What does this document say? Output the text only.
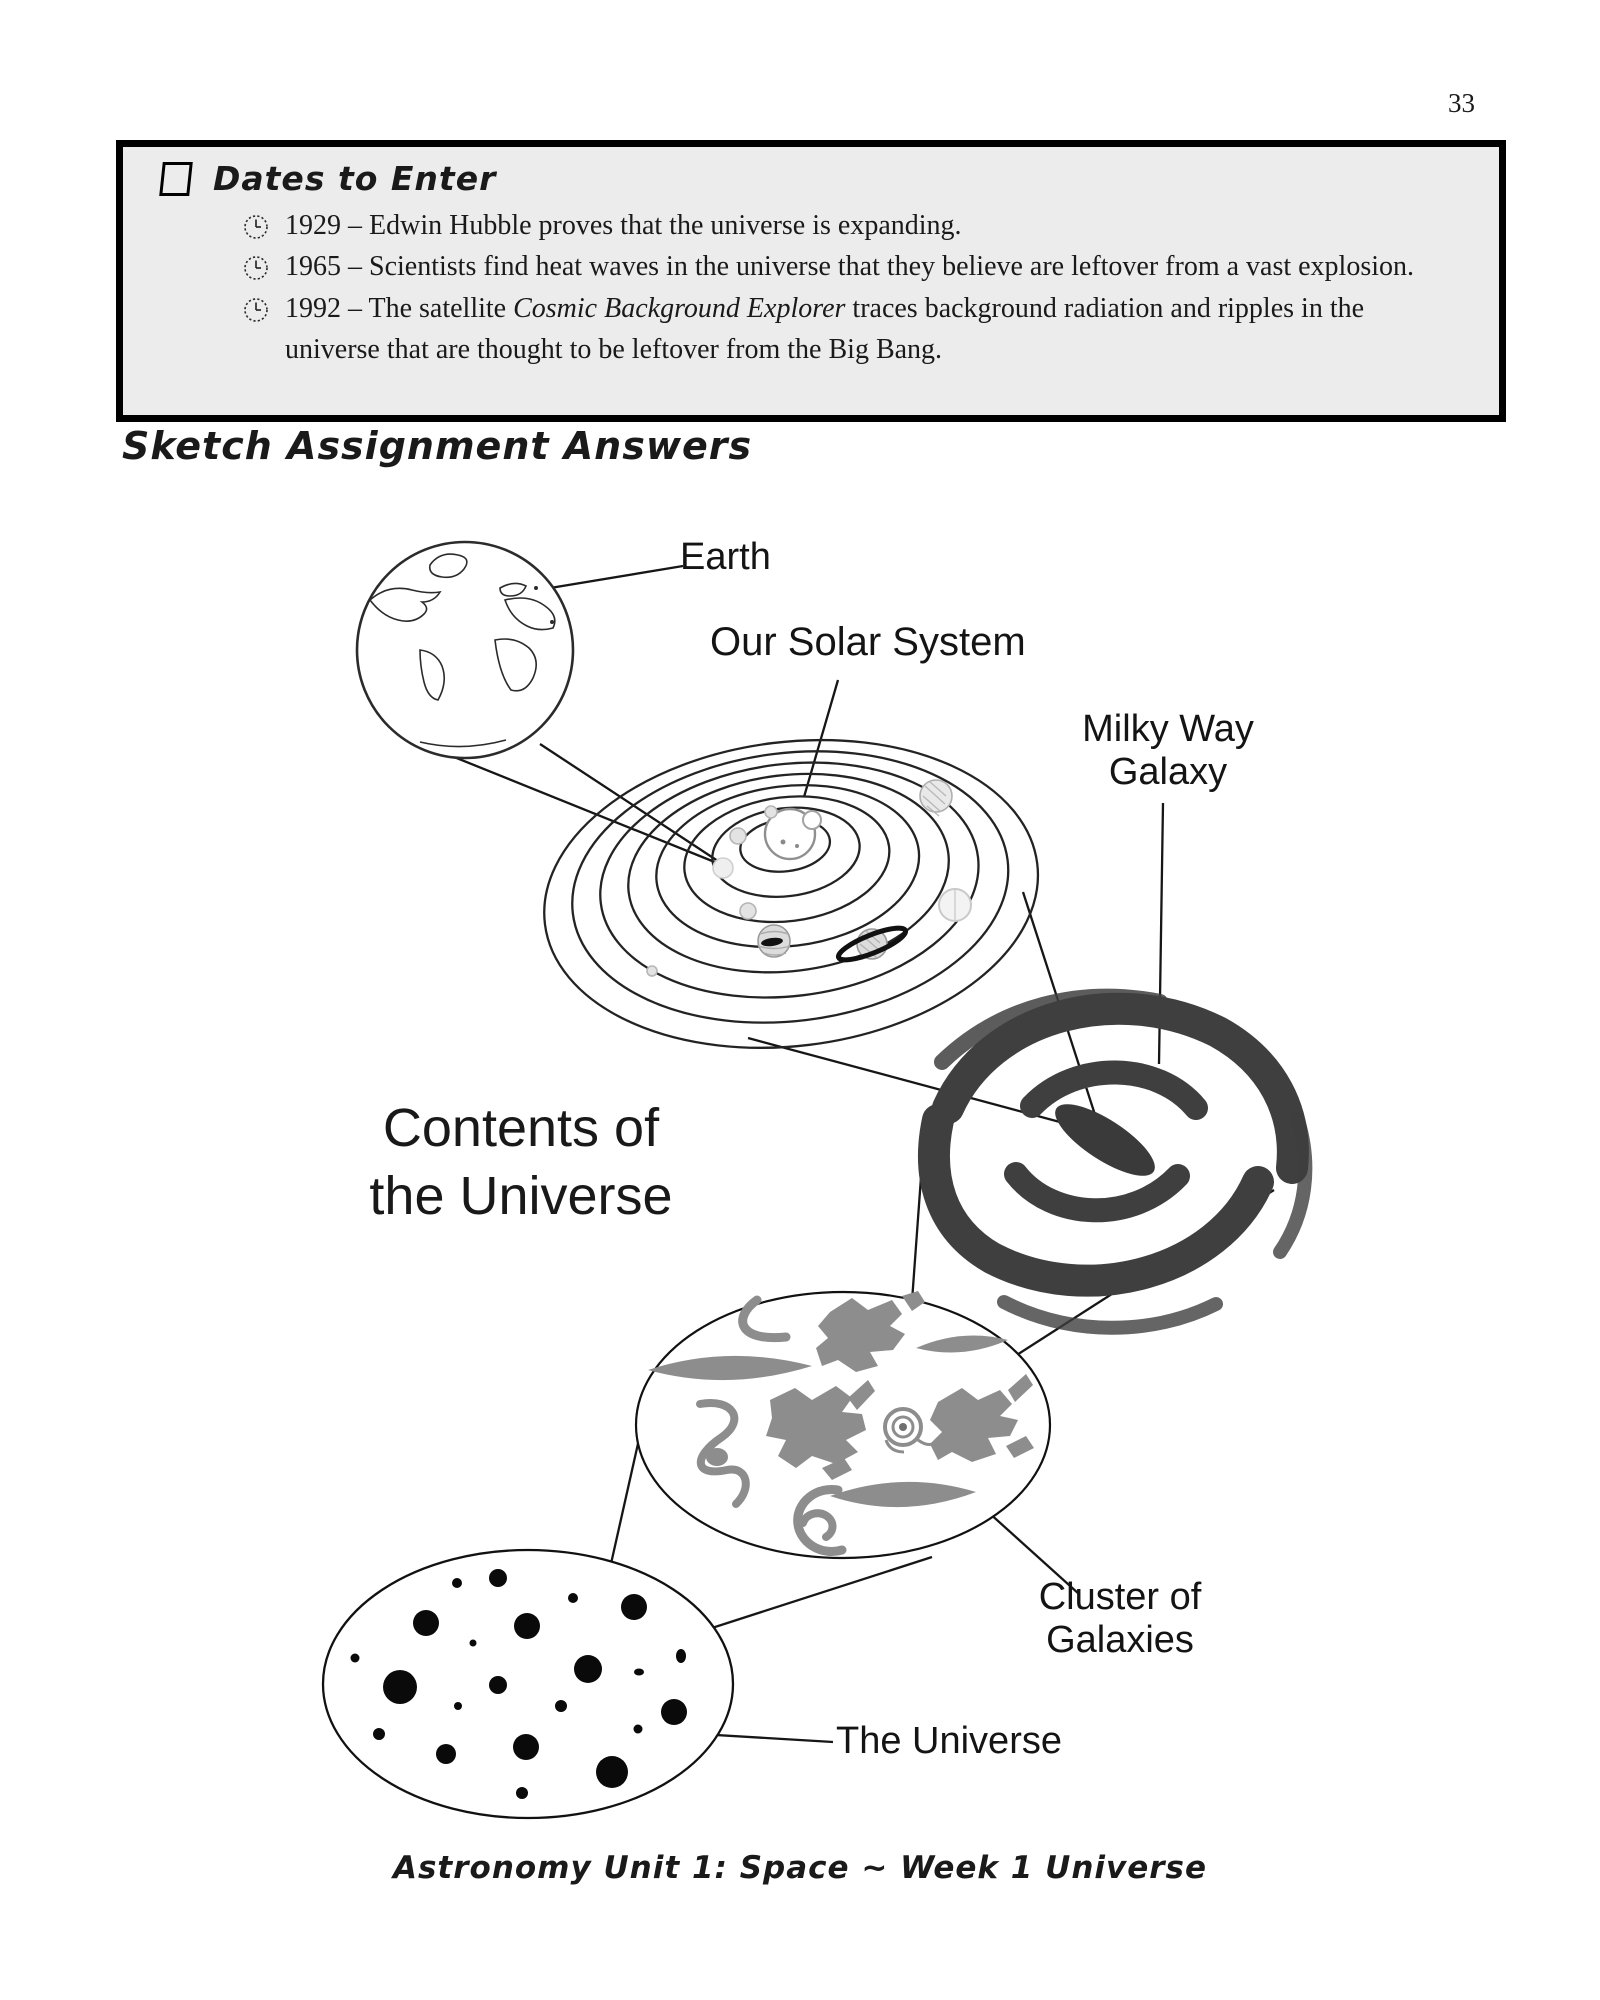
33
Dates to Enter
1929 – Edwin Hubble proves that the universe is expanding.
1965 – Scientists find heat waves in the universe that they believe are leftover from a vast explosion.
1992 – The satellite Cosmic Background Explorer traces background radiation and ripples in the universe that are thought to be leftover from the Big Bang.
Sketch Assignment Answers
Earth
Our Solar System
Milky Way
Galaxy
Contents of
the Universe
Cluster of
Galaxies
The Universe
Astronomy Unit 1: Space ~ Week 1 Universe
